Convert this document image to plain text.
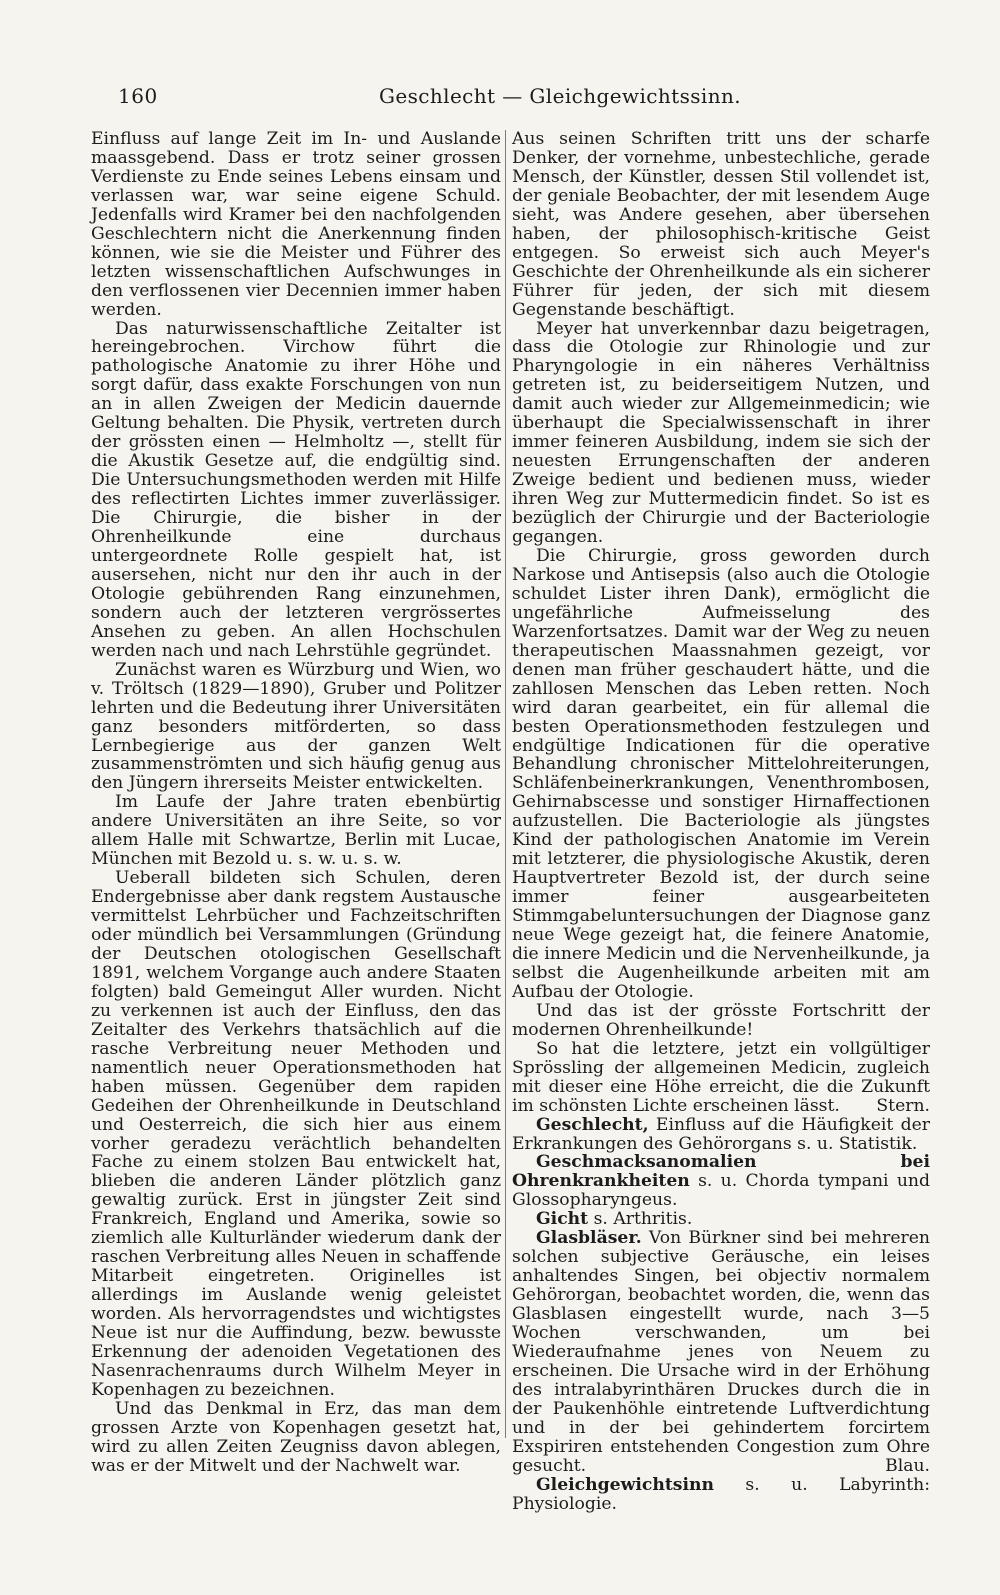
160	Geschlecht — Gleichgewichtssinn.

Einfluss auf lange Zeit im In- und Auslande maassgebend. Dass er trotz seiner grossen Verdienste zu Ende seines Lebens einsam und verlassen war, war seine eigene Schuld. Jedenfalls wird Kramer bei den nachfolgenden Geschlechtern nicht die Anerkennung finden können, wie sie die Meister und Führer des letzten wissenschaftlichen Aufschwunges in den verflossenen vier Decennien immer haben werden.

Das naturwissenschaftliche Zeitalter ist hereingebrochen. Virchow führt die pathologische Anatomie zu ihrer Höhe und sorgt dafür, dass exakte Forschungen von nun an in allen Zweigen der Medicin dauernde Geltung behalten. Die Physik, vertreten durch der grössten einen — Helmholtz —, stellt für die Akustik Gesetze auf, die endgültig sind. Die Untersuchungsmethoden werden mit Hilfe des reflectirten Lichtes immer zuverlässiger. Die Chirurgie, die bisher in der Ohrenheilkunde eine durchaus untergeordnete Rolle gespielt hat, ist ausersehen, nicht nur den ihr auch in der Otologie gebührenden Rang einzunehmen, sondern auch der letzteren vergrössertes Ansehen zu geben. An allen Hochschulen werden nach und nach Lehrstühle gegründet.

Zunächst waren es Würzburg und Wien, wo v. Tröltsch (1829—1890), Gruber und Politzer lehrten und die Bedeutung ihrer Universitäten ganz besonders mitförderten, so dass Lernbegierige aus der ganzen Welt zusammenströmten und sich häufig genug aus den Jüngern ihrerseits Meister entwickelten.

Im Laufe der Jahre traten ebenbürtig andere Universitäten an ihre Seite, so vor allem Halle mit Schwartze, Berlin mit Lucae, München mit Bezold u. s. w. u. s. w.

Ueberall bildeten sich Schulen, deren Endergebnisse aber dank regstem Austausche vermittelst Lehrbücher und Fachzeitschriften oder mündlich bei Versammlungen (Gründung der Deutschen otologischen Gesellschaft 1891, welchem Vorgange auch andere Staaten folgten) bald Gemeingut Aller wurden. Nicht zu verkennen ist auch der Einfluss, den das Zeitalter des Verkehrs thatsächlich auf die rasche Verbreitung neuer Methoden und namentlich neuer Operationsmethoden hat haben müssen. Gegenüber dem rapiden Gedeihen der Ohrenheilkunde in Deutschland und Oesterreich, die sich hier aus einem vorher geradezu verächtlich behandelten Fache zu einem stolzen Bau entwickelt hat, blieben die anderen Länder plötzlich ganz gewaltig zurück. Erst in jüngster Zeit sind Frankreich, England und Amerika, sowie so ziemlich alle Kulturländer wiederum dank der raschen Verbreitung alles Neuen in schaffende Mitarbeit eingetreten. Originelles ist allerdings im Auslande wenig geleistet worden. Als hervorragendstes und wichtigstes Neue ist nur die Auffindung, bezw. bewusste Erkennung der adenoiden Vegetationen des Nasenrachenraums durch Wilhelm Meyer in Kopenhagen zu bezeichnen.

Und das Denkmal in Erz, das man dem grossen Arzte von Kopenhagen gesetzt hat, wird zu allen Zeiten Zeugniss davon ablegen, was er der Mitwelt und der Nachwelt war.

Aus seinen Schriften tritt uns der scharfe Denker, der vornehme, unbestechliche, gerade Mensch, der Künstler, dessen Stil vollendet ist, der geniale Beobachter, der mit lesendem Auge sieht, was Andere gesehen, aber übersehen haben, der philosophisch-kritische Geist entgegen. So erweist sich auch Meyer's Geschichte der Ohrenheilkunde als ein sicherer Führer für jeden, der sich mit diesem Gegenstande beschäftigt.

Meyer hat unverkennbar dazu beigetragen, dass die Otologie zur Rhinologie und zur Pharyngologie in ein näheres Verhältniss getreten ist, zu beiderseitigem Nutzen, und damit auch wieder zur Allgemeinmedicin; wie überhaupt die Specialwissenschaft in ihrer immer feineren Ausbildung, indem sie sich der neuesten Errungenschaften der anderen Zweige bedient und bedienen muss, wieder ihren Weg zur Muttermedicin findet. So ist es bezüglich der Chirurgie und der Bacteriologie gegangen.

Die Chirurgie, gross geworden durch Narkose und Antisepsis (also auch die Otologie schuldet Lister ihren Dank), ermöglicht die ungefährliche Aufmeisselung des Warzenfortsatzes. Damit war der Weg zu neuen therapeutischen Maassnahmen gezeigt, vor denen man früher geschaudert hätte, und die zahllosen Menschen das Leben retten. Noch wird daran gearbeitet, ein für allemal die besten Operationsmethoden festzulegen und endgültige Indicationen für die operative Behandlung chronischer Mittelohreiterungen, Schläfenbeinerkrankungen, Venenthrombosen, Gehirnabscesse und sonstiger Hirnaffectionen aufzustellen. Die Bacteriologie als jüngstes Kind der pathologischen Anatomie im Verein mit letzterer, die physiologische Akustik, deren Hauptvertreter Bezold ist, der durch seine immer feiner ausgearbeiteten Stimmgabeluntersuchungen der Diagnose ganz neue Wege gezeigt hat, die feinere Anatomie, die innere Medicin und die Nervenheilkunde, ja selbst die Augenheilkunde arbeiten mit am Aufbau der Otologie.

Und das ist der grösste Fortschritt der modernen Ohrenheilkunde!

So hat die letztere, jetzt ein vollgültiger Sprössling der allgemeinen Medicin, zugleich mit dieser eine Höhe erreicht, die die Zukunft im schönsten Lichte erscheinen lässt.	Stern.

Geschlecht, Einfluss auf die Häufigkeit der Erkrankungen des Gehörorgans s. u. Statistik.

Geschmacksanomalien bei Ohrenkrankheiten s. u. Chorda tympani und Glossopharyngeus.

Gicht s. Arthritis.

Glasbläser. Von Bürkner sind bei mehreren solchen subjective Geräusche, ein leises anhaltendes Singen, bei objectiv normalem Gehörorgan, beobachtet worden, die, wenn das Glasblasen eingestellt wurde, nach 3—5 Wochen verschwanden, um bei Wiederaufnahme jenes von Neuem zu erscheinen. Die Ursache wird in der Erhöhung des intralabyrinthären Druckes durch die in der Paukenhöhle eintretende Luftverdichtung und in der bei gehindertem forcirtem Exspiriren entstehenden Congestion zum Ohre gesucht.	Blau.

Gleichgewichtsinn s. u. Labyrinth: Physiologie.
